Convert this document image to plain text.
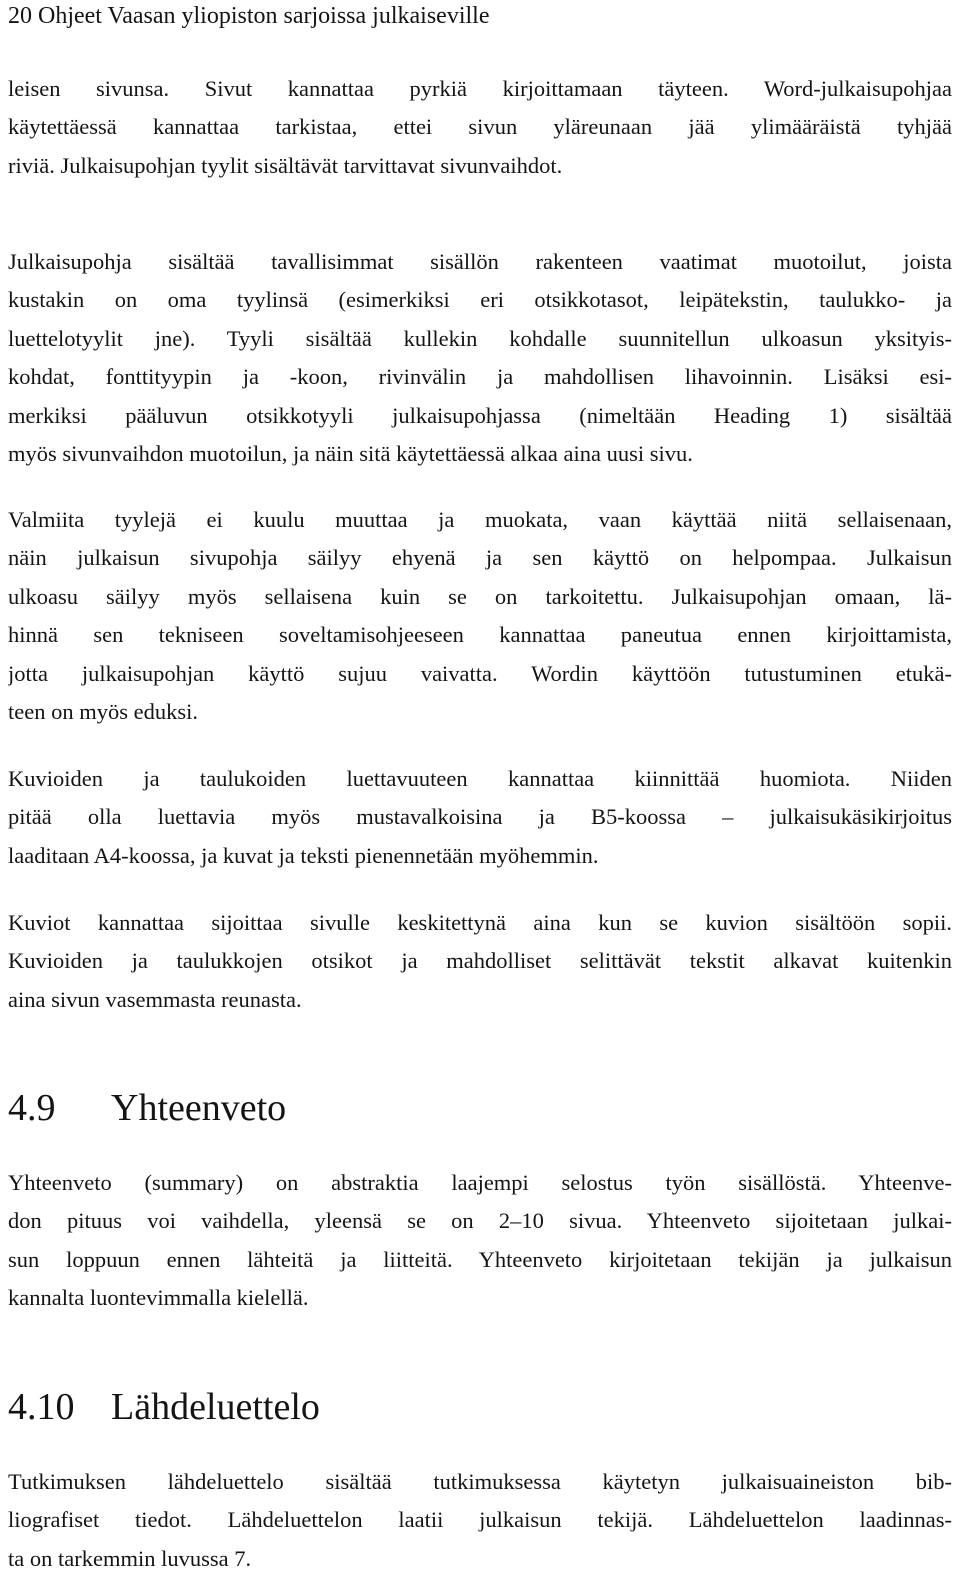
20 Ohjeet Vaasan yliopiston sarjoissa julkaiseville

leisen sivunsa. Sivut kannattaa pyrkiä kirjoittamaan täyteen. Word-julkaisupohjaa
käytettäessä kannattaa tarkistaa, ettei sivun yläreunaan jää ylimääräistä tyhjää
riviä. Julkaisupohjan tyylit sisältävät tarvittavat sivunvaihdot.

Julkaisupohja sisältää tavallisimmat sisällön rakenteen vaatimat muotoilut, joista
kustakin on oma tyylinsä (esimerkiksi eri otsikkotasot, leipätekstin, taulukko- ja
luettelotyylit jne). Tyyli sisältää kullekin kohdalle suunnitellun ulkoasun yksityis-
kohdat, fonttityypin ja -koon, rivinvälin ja mahdollisen lihavoinnin. Lisäksi esi-
merkiksi pääluvun otsikkotyyli julkaisupohjassa (nimeltään Heading 1) sisältää
myös sivunvaihdon muotoilun, ja näin sitä käytettäessä alkaa aina uusi sivu.

Valmiita tyylejä ei kuulu muuttaa ja muokata, vaan käyttää niitä sellaisenaan,
näin julkaisun sivupohja säilyy ehyenä ja sen käyttö on helpompaa. Julkaisun
ulkoasu säilyy myös sellaisena kuin se on tarkoitettu. Julkaisupohjan omaan, lä-
hinnä sen tekniseen soveltamisohjeeseen kannattaa paneutua ennen kirjoittamista,
jotta julkaisupohjan käyttö sujuu vaivatta. Wordin käyttöön tutustuminen etukä-
teen on myös eduksi.

Kuvioiden ja taulukoiden luettavuuteen kannattaa kiinnittää huomiota. Niiden
pitää olla luettavia myös mustavalkoisina ja B5-koossa – julkaisukäsikirjoitus
laaditaan A4-koossa, ja kuvat ja teksti pienennetään myöhemmin.

Kuviot kannattaa sijoittaa sivulle keskitettynä aina kun se kuvion sisältöön sopii.
Kuvioiden ja taulukkojen otsikot ja mahdolliset selittävät tekstit alkavat kuitenkin
aina sivun vasemmasta reunasta.

4.9 Yhteenveto

Yhteenveto (summary) on abstraktia laajempi selostus työn sisällöstä. Yhteenve-
don pituus voi vaihdella, yleensä se on 2–10 sivua. Yhteenveto sijoitetaan julkai-
sun loppuun ennen lähteitä ja liitteitä. Yhteenveto kirjoitetaan tekijän ja julkaisun
kannalta luontevimmalla kielellä.

4.10 Lähdeluettelo

Tutkimuksen lähdeluettelo sisältää tutkimuksessa käytetyn julkaisuaineiston bib-
liografiset tiedot. Lähdeluettelon laatii julkaisun tekijä. Lähdeluettelon laadinnas-
ta on tarkemmin luvussa 7.
